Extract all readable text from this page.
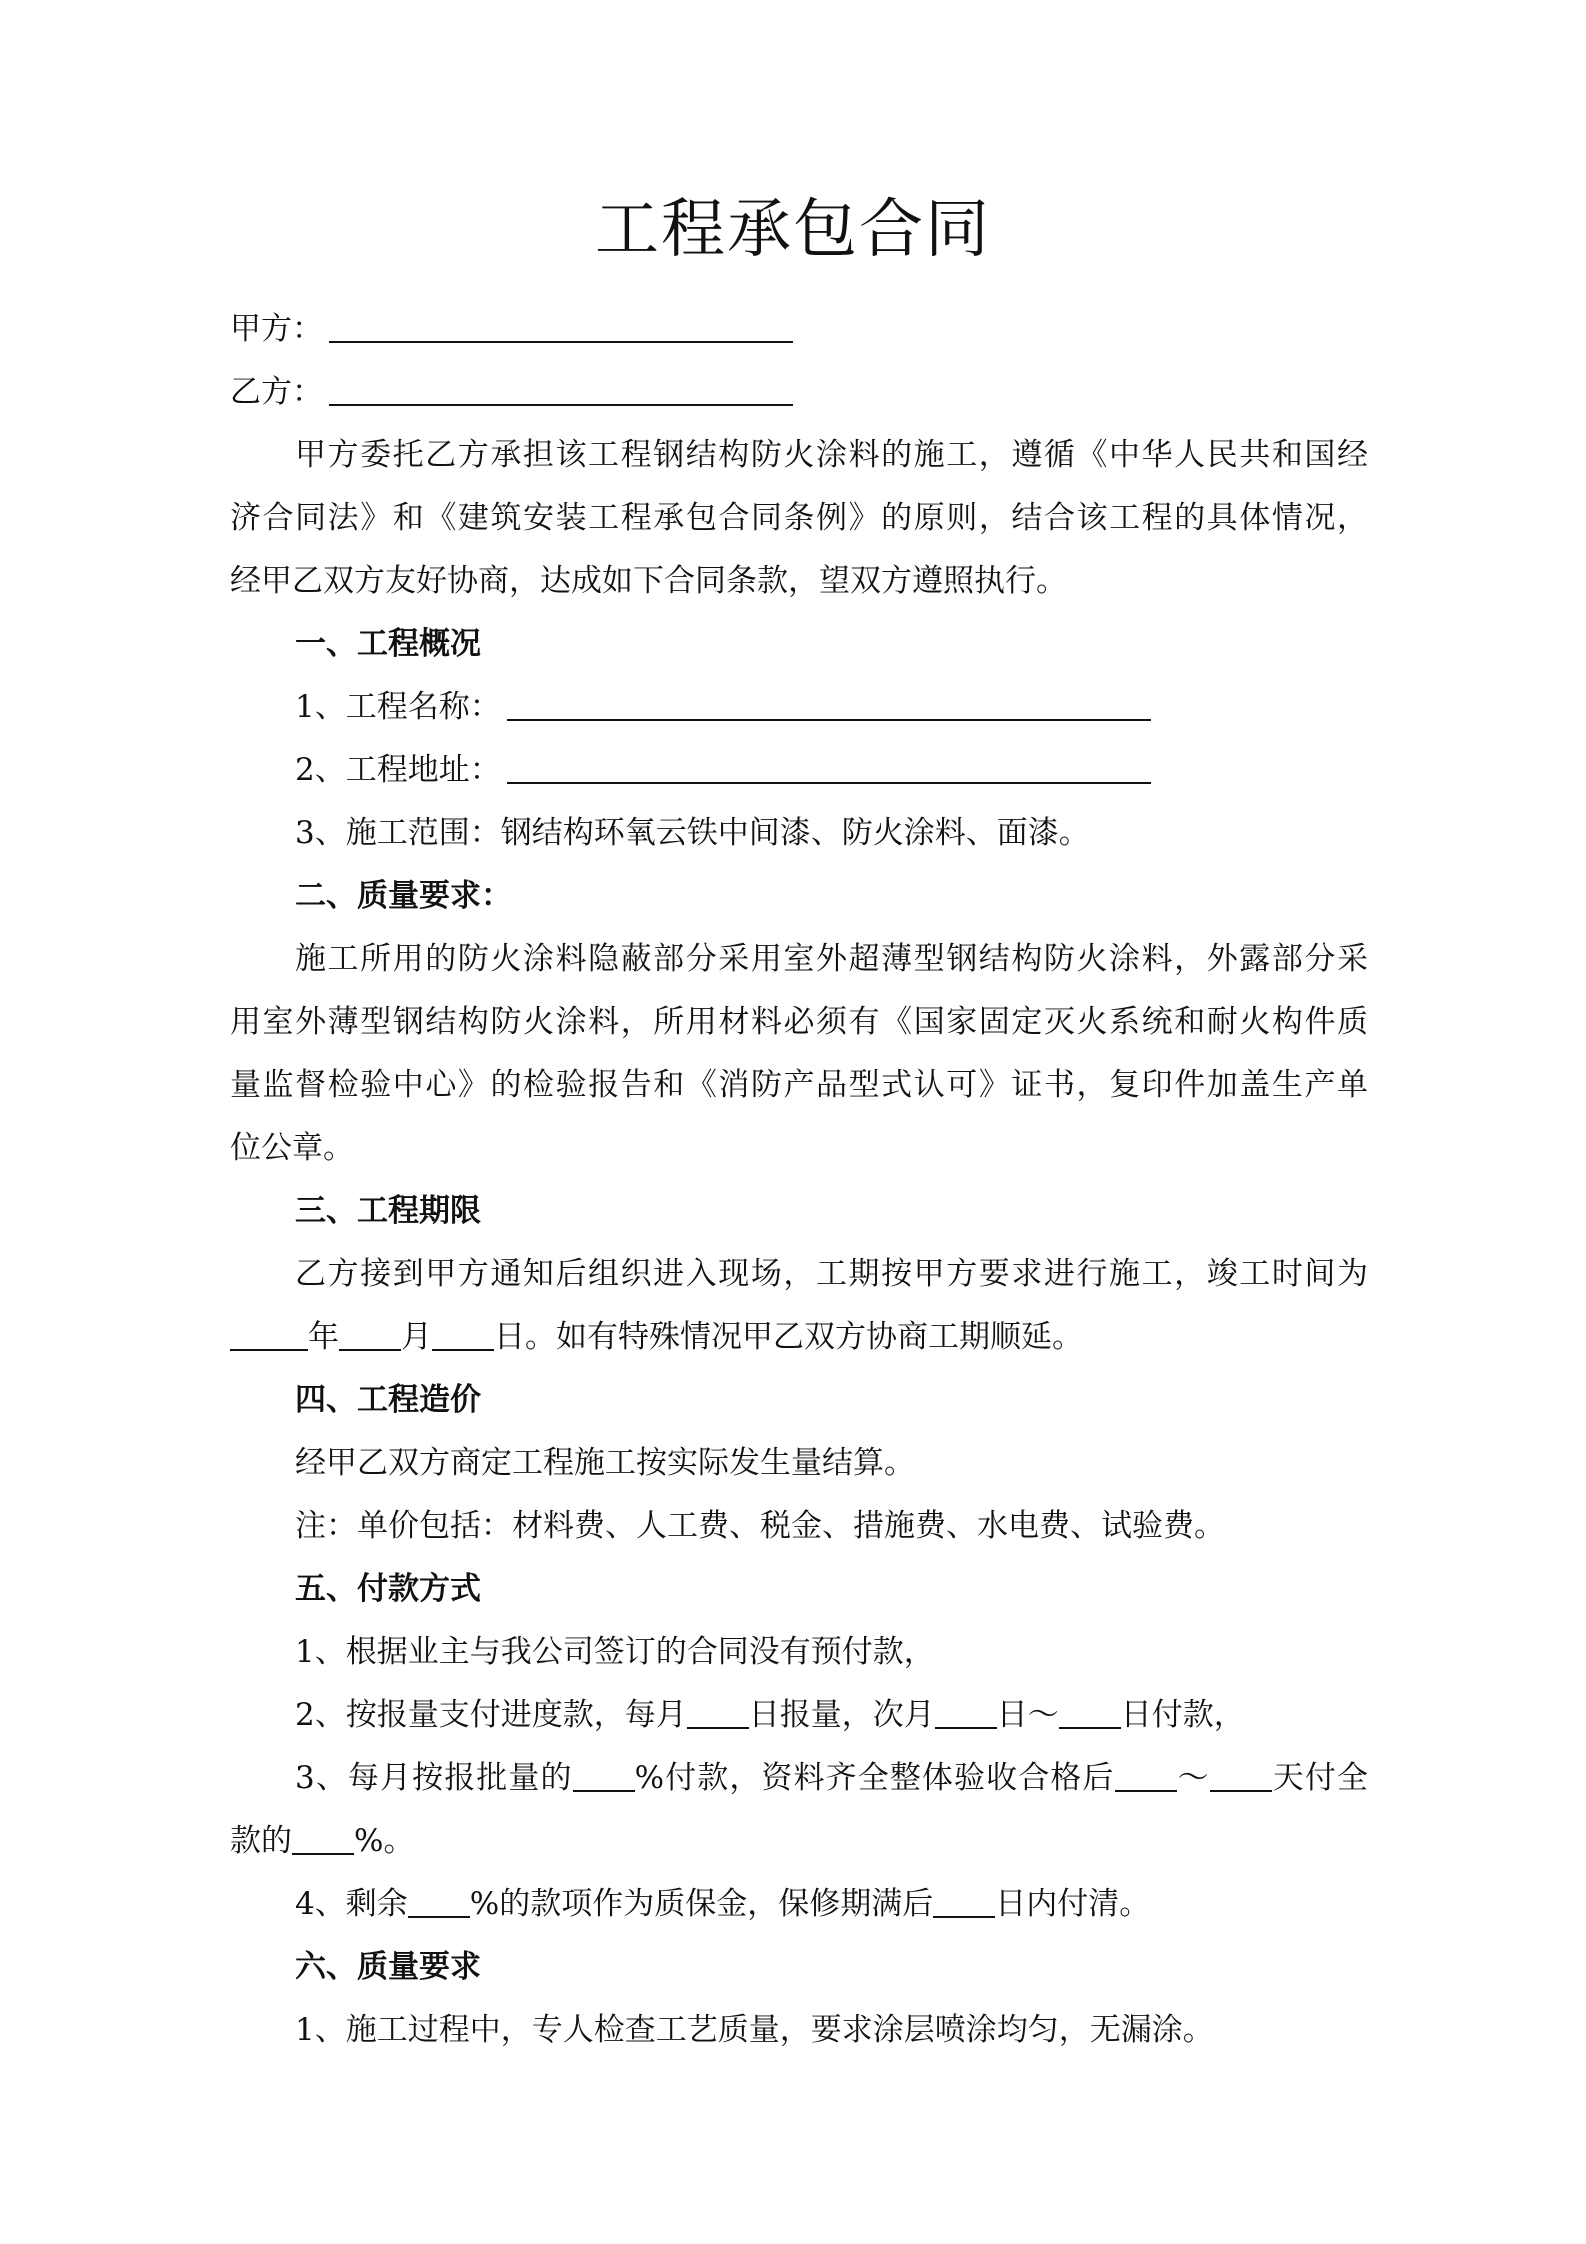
工程承包合同
甲方：
乙方：
甲方委托乙方承担该工程钢结构防火涂料的施工，遵循《中华人民共和国经
济合同法》和《建筑安装工程承包合同条例》的原则，结合该工程的具体情况，
经甲乙双方友好协商，达成如下合同条款，望双方遵照执行。
一、工程概况
1、工程名称：
2、工程地址：
3、施工范围：钢结构环氧云铁中间漆、防火涂料、面漆。
二、质量要求：
施工所用的防火涂料隐蔽部分采用室外超薄型钢结构防火涂料，外露部分采
用室外薄型钢结构防火涂料，所用材料必须有《国家固定灭火系统和耐火构件质
量监督检验中心》的检验报告和《消防产品型式认可》证书，复印件加盖生产单
位公章。
三、工程期限
乙方接到甲方通知后组织进入现场，工期按甲方要求进行施工，竣工时间为
年 月 日。如有特殊情况甲乙双方协商工期顺延。
四、工程造价
经甲乙双方商定工程施工按实际发生量结算。
注：单价包括：材料费、人工费、税金、措施费、水电费、试验费。
五、付款方式
1、根据业主与我公司签订的合同没有预付款，
2、按报量支付进度款，每月 日报量，次月 日～ 日付款，
3、每月按报批量的 %付款，资料齐全整体验收合格后 ～ 天付全
款的 %。
4、剩余 %的款项作为质保金，保修期满后 日内付清。
六、质量要求
1、施工过程中，专人检查工艺质量，要求涂层喷涂均匀，无漏涂。
